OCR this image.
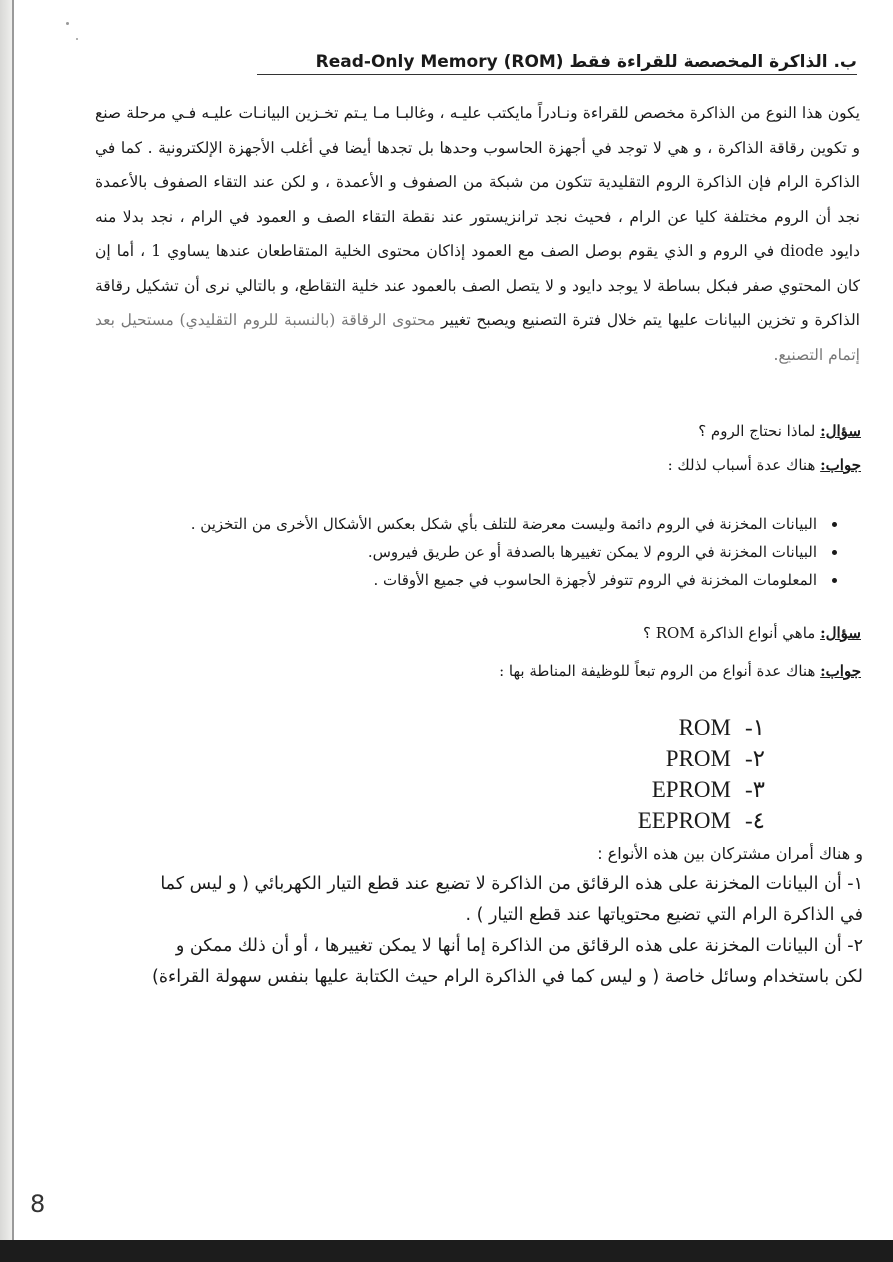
ب. الذاكرة المخصصة للقراءة فقط Read-Only Memory (ROM)

يكون هذا النوع من الذاكرة مخصص للقراءة ونـادراً مايكتب عليـه ، وغالبـا مـا يـتم تخـزين البيانـات عليـه فـي مرحلة صنع و تكوين رقاقة الذاكرة ، و هي لا توجد في أجهزة الحاسوب وحدها بل تجدها أيضا في أغلب الأجهزة الإلكترونية . كما في الذاكرة الرام فإن الذاكرة الروم التقليدية تتكون من شبكة من الصفوف و الأعمدة ، و لكن عند التقاء الصفوف بالأعمدة نجد أن الروم مختلفة كليا عن الرام ، فحيث نجد ترانزيستور عند نقطة التقاء الصف و العمود في الرام ، نجد بدلا منه دايود diode في الروم و الذي يقوم بوصل الصف مع العمود إذاكان محتوى الخلية المتقاطعان عندها يساوي 1 ، أما إن كان المحتوي صفر فبكل بساطة لا يوجد دايود و لا يتصل الصف بالعمود عند خلية التقاطع، و بالتالي نرى أن تشكيل رقاقة الذاكرة و تخزين البيانات عليها يتم خلال فترة التصنيع ويصبح تغيير محتوى الرقاقة (بالنسبة للروم التقليدي) مستحيل بعد إتمام التصنيع.

سؤال: لماذا نحتاج الروم ؟
جواب: هناك عدة أسباب لذلك :
• البيانات المخزنة في الروم دائمة وليست معرضة للتلف بأي شكل بعكس الأشكال الأخرى من التخزين .
• البيانات المخزنة في الروم لا يمكن تغييرها بالصدفة أو عن طريق فيروس.
• المعلومات المخزنة في الروم تتوفر لأجهزة الحاسوب في جميع الأوقات .
سؤال: ماهي أنواع الذاكرة ROM ؟
جواب: هناك عدة أنواع من الروم تبعاً للوظيفة المناطة بها :
١-ROM
٢-PROM
٣-EPROM
٤-EEPROM

و هناك أمران مشتركان بين هذه الأنواع :

١- أن البيانات المخزنة على هذه الرقائق من الذاكرة لا تضيع عند قطع التيار الكهربائي ( و ليس كما في الذاكرة الرام التي تضيع محتوياتها عند قطع التيار ) .

٢- أن البيانات المخزنة على هذه الرقائق من الذاكرة إما أنها لا يمكن تغييرها ، أو أن ذلك ممكن و لكن باستخدام وسائل خاصة ( و ليس كما في الذاكرة الرام حيث الكتابة عليها بنفس سهولة القراءة)

8
